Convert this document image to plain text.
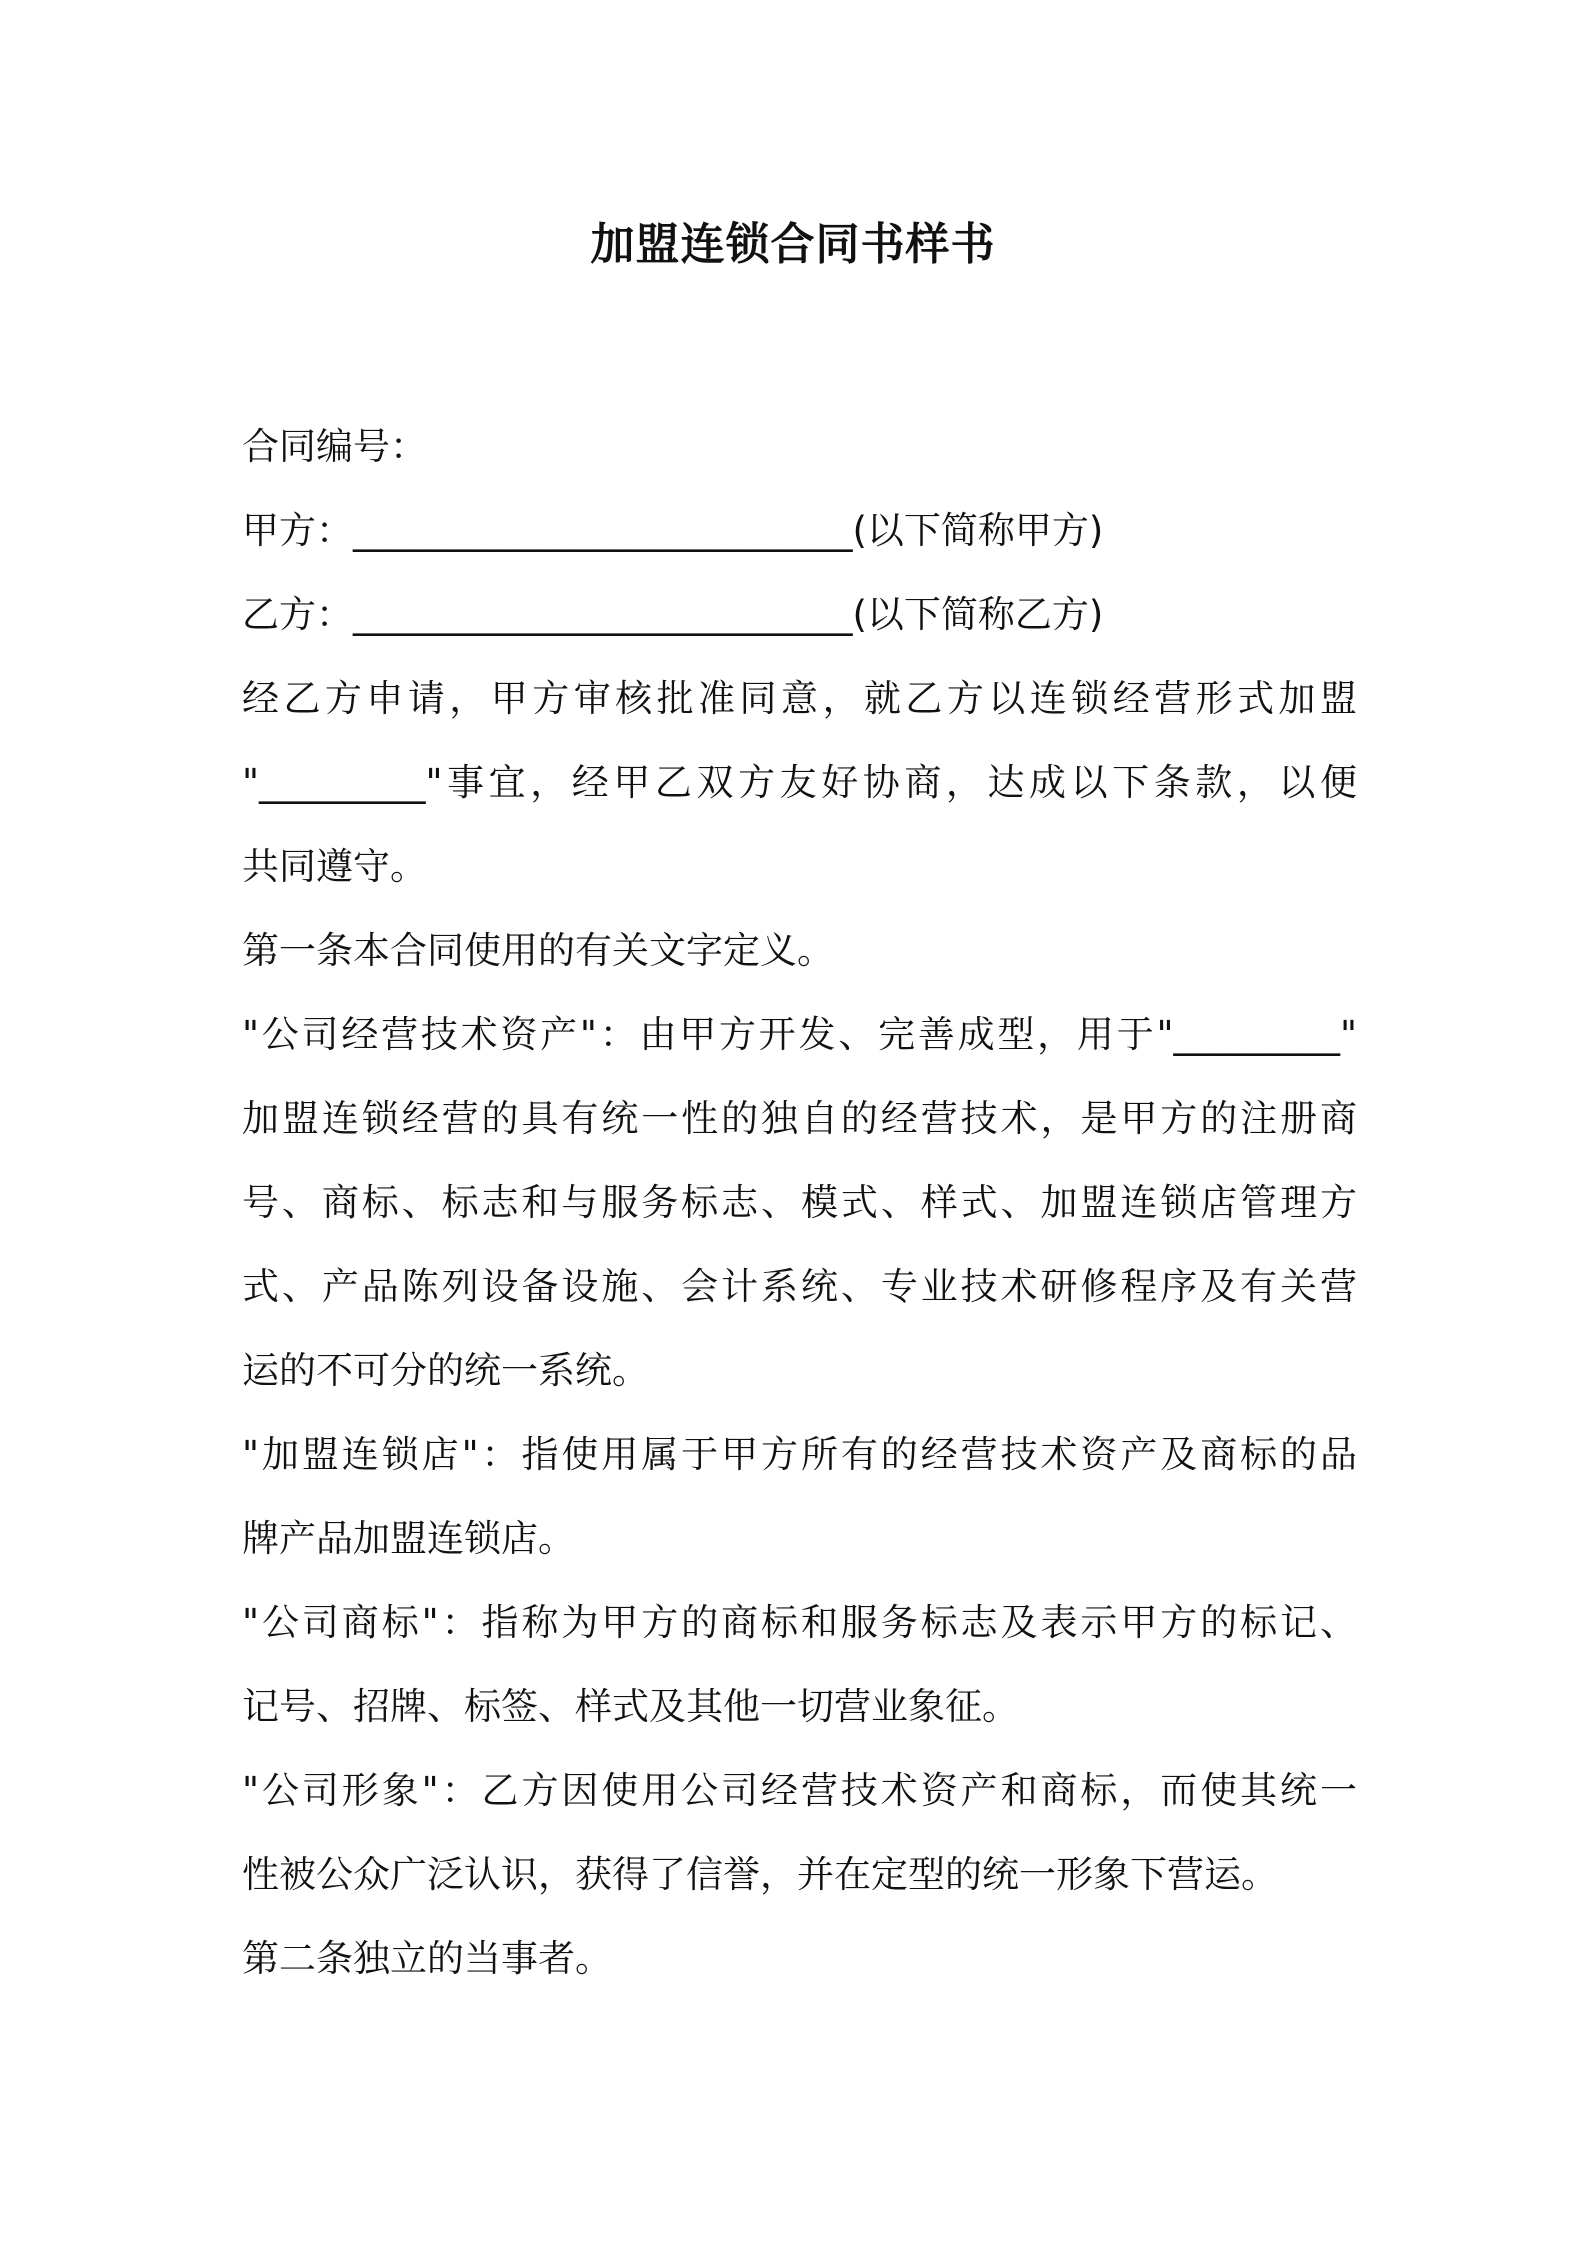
加盟连锁合同书样书
合同编号：
甲方：___________________________(以下简称甲方)
乙方：___________________________(以下简称乙方)
经乙方申请，甲方审核批准同意，就乙方以连锁经营形式加盟
"_________"事宜，经甲乙双方友好协商，达成以下条款，以便
共同遵守。
第一条本合同使用的有关文字定义。
"公司经营技术资产"：由甲方开发、完善成型，用于"_________"
加盟连锁经营的具有统一性的独自的经营技术，是甲方的注册商
号、商标、标志和与服务标志、模式、样式、加盟连锁店管理方
式、产品陈列设备设施、会计系统、专业技术研修程序及有关营
运的不可分的统一系统。
"加盟连锁店"：指使用属于甲方所有的经营技术资产及商标的品
牌产品加盟连锁店。
"公司商标"：指称为甲方的商标和服务标志及表示甲方的标记、
记号、招牌、标签、样式及其他一切营业象征。
"公司形象"：乙方因使用公司经营技术资产和商标，而使其统一
性被公众广泛认识，获得了信誉，并在定型的统一形象下营运。
第二条独立的当事者。
